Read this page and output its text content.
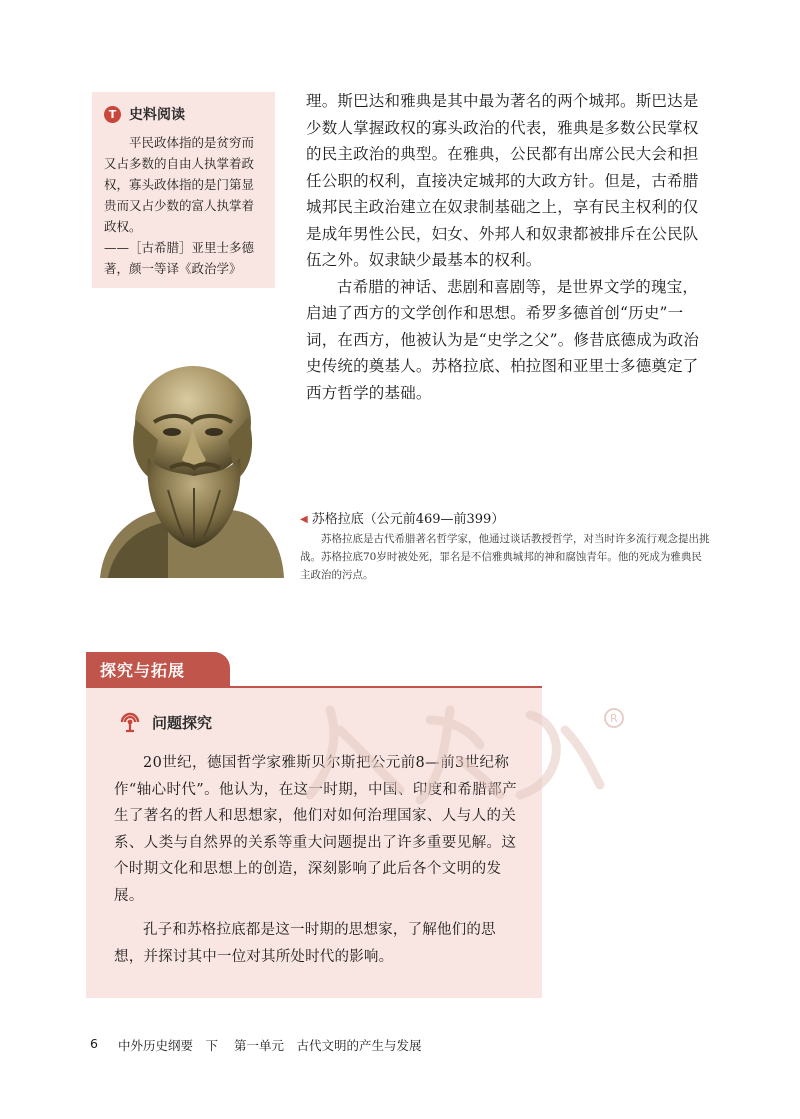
T 史料阅读

平民政体指的是贫穷而又占多数的自由人执掌着政权，寡头政体指的是门第显贵而又占少数的富人执掌着政权。

——［古希腊］亚里士多德著，颜一等译《政治学》

理。斯巴达和雅典是其中最为著名的两个城邦。斯巴达是少数人掌握政权的寡头政治的代表，雅典是多数公民掌权的民主政治的典型。在雅典，公民都有出席公民大会和担任公职的权利，直接决定城邦的大政方针。但是，古希腊城邦民主政治建立在奴隶制基础之上，享有民主权利的仅是成年男性公民，妇女、外邦人和奴隶都被排斥在公民队伍之外。奴隶缺少最基本的权利。

古希腊的神话、悲剧和喜剧等，是世界文学的瑰宝，启迪了西方的文学创作和思想。希罗多德首创“历史”一词，在西方，他被认为是“史学之父”。修昔底德成为政治史传统的奠基人。苏格拉底、柏拉图和亚里士多德奠定了西方哲学的基础。

◀ 苏格拉底（公元前469—前399）

苏格拉底是古代希腊著名哲学家，他通过谈话教授哲学，对当时许多流行观念提出挑战。苏格拉底70岁时被处死，罪名是不信雅典城邦的神和腐蚀青年。他的死成为雅典民主政治的污点。

探究与拓展
问题探究

20世纪，德国哲学家雅斯贝尔斯把公元前8—前3世纪称作“轴心时代”。他认为，在这一时期，中国、印度和希腊都产生了著名的哲人和思想家，他们对如何治理国家、人与人的关系、人类与自然界的关系等重大问题提出了许多重要见解。这个时期文化和思想上的创造，深刻影响了此后各个文明的发展。

孔子和苏格拉底都是这一时期的思想家，了解他们的思想，并探讨其中一位对其所处时代的影响。

R
6 中外历史纲要　下 第一单元　古代文明的产生与发展
